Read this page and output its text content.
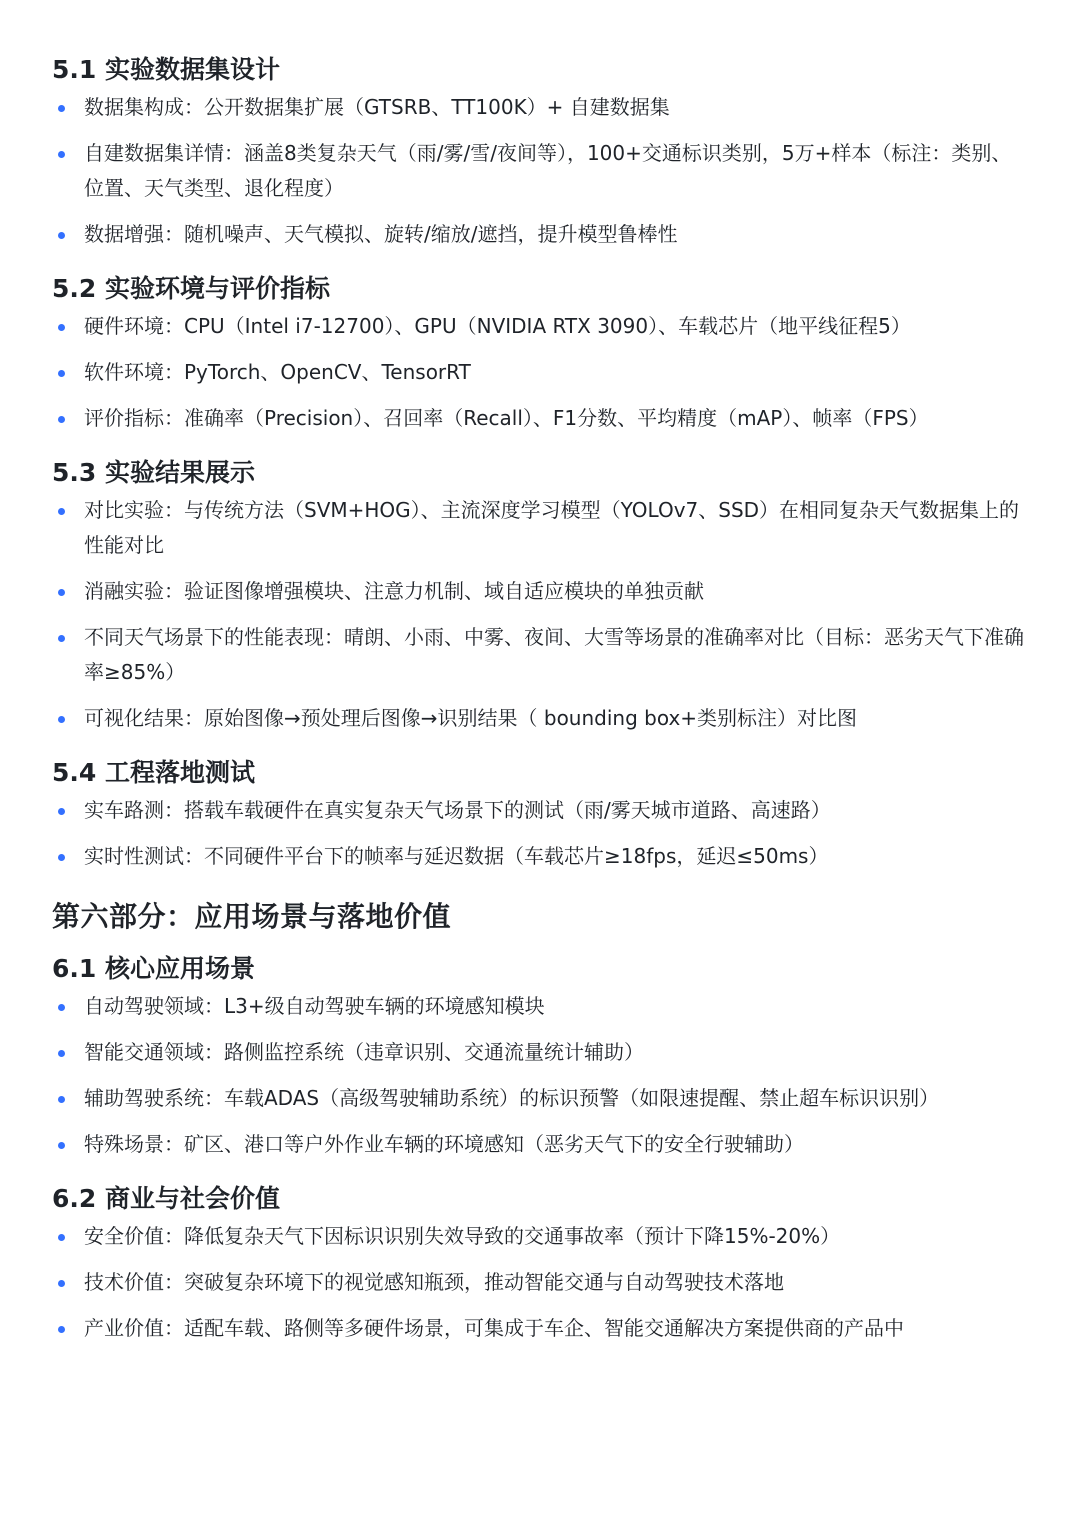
5.1 实验数据集设计
数据集构成：公开数据集扩展（GTSRB、TT100K）+ 自建数据集
自建数据集详情：涵盖8类复杂天气（雨/雾/雪/夜间等），100+交通标识类别，5万+样本（标注：类别、位置、天气类型、退化程度）
数据增强：随机噪声、天气模拟、旋转/缩放/遮挡，提升模型鲁棒性
5.2 实验环境与评价指标
硬件环境：CPU（Intel i7-12700）、GPU（NVIDIA RTX 3090）、车载芯片（地平线征程5）
软件环境：PyTorch、OpenCV、TensorRT
评价指标：准确率（Precision）、召回率（Recall）、F1分数、平均精度（mAP）、帧率（FPS）
5.3 实验结果展示
对比实验：与传统方法（SVM+HOG）、主流深度学习模型（YOLOv7、SSD）在相同复杂天气数据集上的性能对比
消融实验：验证图像增强模块、注意力机制、域自适应模块的单独贡献
不同天气场景下的性能表现：晴朗、小雨、中雾、夜间、大雪等场景的准确率对比（目标：恶劣天气下准确率≥85%）
可视化结果：原始图像→预处理后图像→识别结果（ bounding box+类别标注）对比图
5.4 工程落地测试
实车路测：搭载车载硬件在真实复杂天气场景下的测试（雨/雾天城市道路、高速路）
实时性测试：不同硬件平台下的帧率与延迟数据（车载芯片≥18fps，延迟≤50ms）
第六部分：应用场景与落地价值
6.1 核心应用场景
自动驾驶领域：L3+级自动驾驶车辆的环境感知模块
智能交通领域：路侧监控系统（违章识别、交通流量统计辅助）
辅助驾驶系统：车载ADAS（高级驾驶辅助系统）的标识预警（如限速提醒、禁止超车标识识别）
特殊场景：矿区、港口等户外作业车辆的环境感知（恶劣天气下的安全行驶辅助）
6.2 商业与社会价值
安全价值：降低复杂天气下因标识识别失效导致的交通事故率（预计下降15%-20%）
技术价值：突破复杂环境下的视觉感知瓶颈，推动智能交通与自动驾驶技术落地
产业价值：适配车载、路侧等多硬件场景，可集成于车企、智能交通解决方案提供商的产品中
